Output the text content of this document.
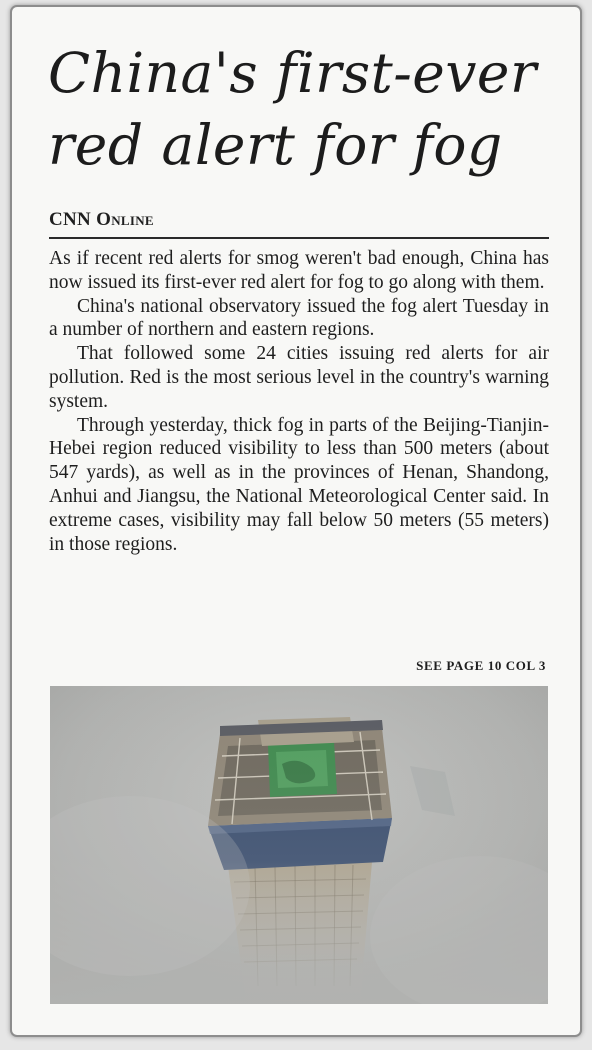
China's first-ever
red alert for fog
CNN Online

As if recent red alerts for smog weren't bad enough, China has now issued its first-ever red alert for fog to go along with them.

China's national observatory issued the fog alert Tuesday in a number of northern and eastern regions.

That followed some 24 cities issuing red alerts for air pollution. Red is the most serious level in the country's warning system.

Through yesterday, thick fog in parts of the Beijing-Tianjin-Hebei region reduced visibility to less than 500 meters (about 547 yards), as well as in the provinces of Henan, Shandong, Anhui and Jiangsu, the National Meteorological Center said. In extreme cases, visibility may fall below 50 meters (55 meters) in those regions.

SEE PAGE 10 COL 3
